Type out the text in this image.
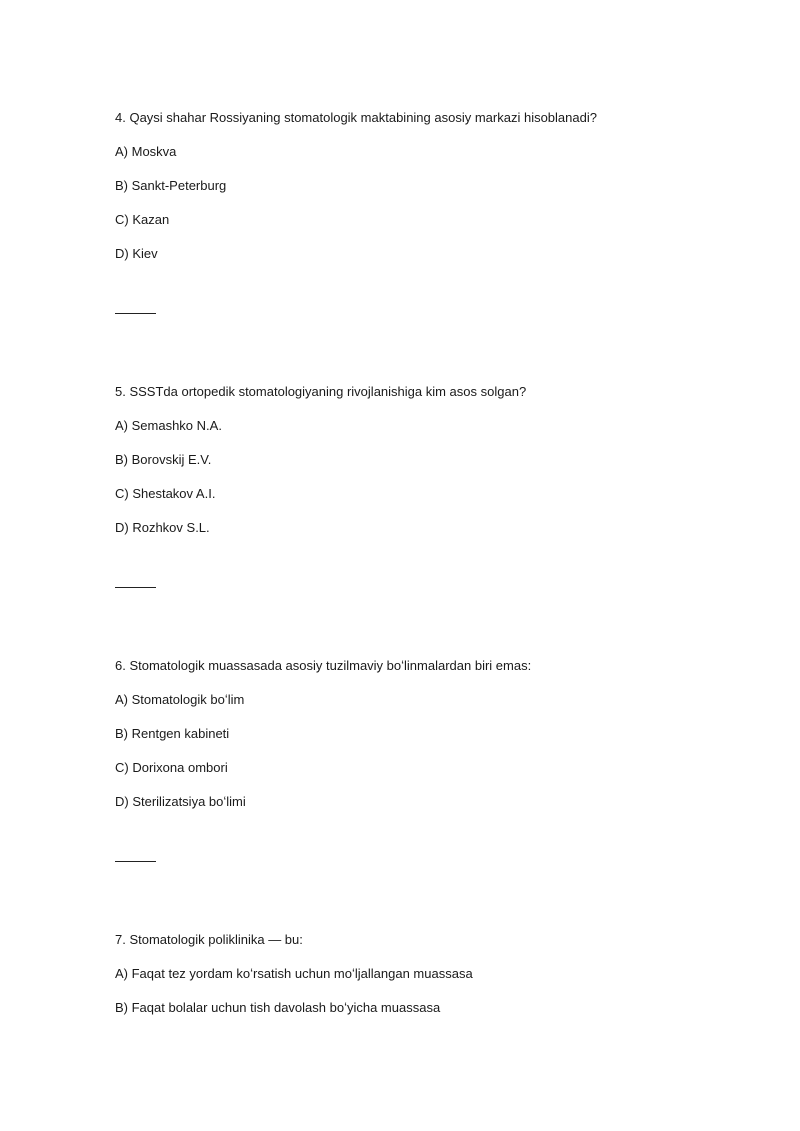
4. Qaysi shahar Rossiyaning stomatologik maktabining asosiy markazi hisoblanadi?

A) Moskva

B) Sankt-Peterburg

C) Kazan

D) Kiev

5. SSSTda ortopedik stomatologiyaning rivojlanishiga kim asos solgan?

A) Semashko N.A.

B) Borovskij E.V.

C) Shestakov A.I.

D) Rozhkov S.L.

6. Stomatologik muassasada asosiy tuzilmaviy boʻlinmalardan biri emas:

A) Stomatologik boʻlim

B) Rentgen kabineti

C) Dorixona ombori

D) Sterilizatsiya boʻlimi

7. Stomatologik poliklinika — bu:

A) Faqat tez yordam koʻrsatish uchun moʻljallangan muassasa

B) Faqat bolalar uchun tish davolash boʻyicha muassasa
